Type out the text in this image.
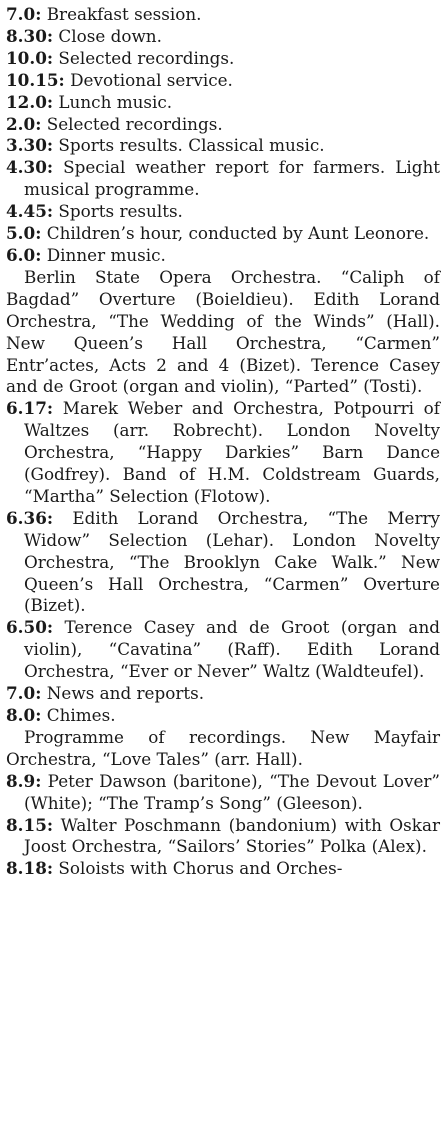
7.0: Breakfast session.

8.30: Close down.

10.0: Selected recordings.

10.15: Devotional service.

12.0: Lunch music.

2.0: Selected recordings.

3.30: Sports results. Classical music.

4.30: Special weather report for farmers. Light musical programme.

4.45: Sports results.

5.0: Children’s hour, conducted by Aunt Leonore.

6.0: Dinner music.

Berlin State Opera Orchestra. “Caliph of Bagdad” Overture (Boieldieu). Edith Lorand Orchestra, “The Wedding of the Winds” (Hall). New Queen’s Hall Orchestra, “Carmen” Entr’actes, Acts 2 and 4 (Bizet). Terence Casey and de Groot (organ and violin), “Parted” (Tosti).

6.17: Marek Weber and Orchestra, Potpourri of Waltzes (arr. Robrecht). London Novelty Orchestra, “Happy Darkies” Barn Dance (Godfrey). Band of H.M. Coldstream Guards, “Martha” Selection (Flotow).

6.36: Edith Lorand Orchestra, “The Merry Widow” Selection (Lehar). London Novelty Orchestra, “The Brooklyn Cake Walk.” New Queen’s Hall Orchestra, “Carmen” Overture (Bizet).

6.50: Terence Casey and de Groot (organ and violin), “Cavatina” (Raff). Edith Lorand Orchestra, “Ever or Never” Waltz (Waldteufel).

7.0: News and reports.

8.0: Chimes.

Programme of recordings. New Mayfair Orchestra, “Love Tales” (arr. Hall).

8.9: Peter Dawson (baritone), “The Devout Lover” (White); “The Tramp’s Song” (Gleeson).

8.15: Walter Poschmann (bandonium) with Oskar Joost Orchestra, “Sailors’ Stories” Polka (Alex).

8.18: Soloists with Chorus and Orches-
